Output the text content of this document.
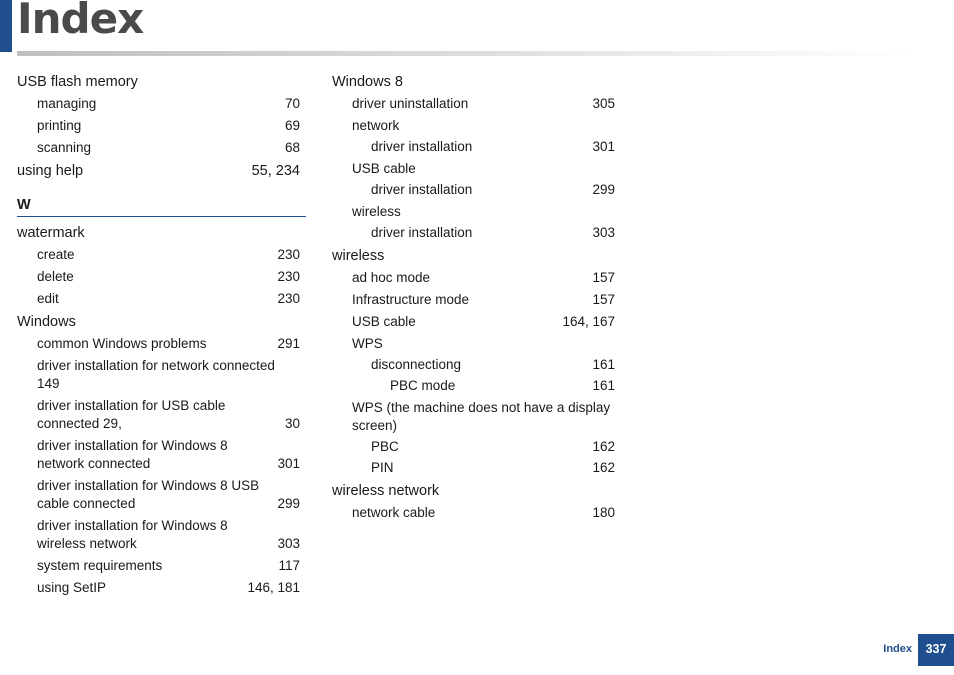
Index
USB flash memory
managing	70
printing	69
scanning	68
using help	55, 234
W
watermark
create	230
delete	230
edit	230
Windows
common Windows problems	291
driver installation for network connected 149
driver installation for USB cable connected 29,	30
driver installation for Windows 8 network connected	301
driver installation for Windows 8 USB cable connected	299
driver installation for Windows 8 wireless network	303
system requirements	117
using SetIP	146, 181
Windows 8
driver uninstallation	305
network
driver installation	301
USB cable
driver installation	299
wireless
driver installation	303
wireless
ad hoc mode	157
Infrastructure mode	157
USB cable	164, 167
WPS
disconnectiong	161
PBC mode	161
WPS (the machine does not have a display screen)
PBC	162
PIN	162
wireless network
network cable	180
Index	337
